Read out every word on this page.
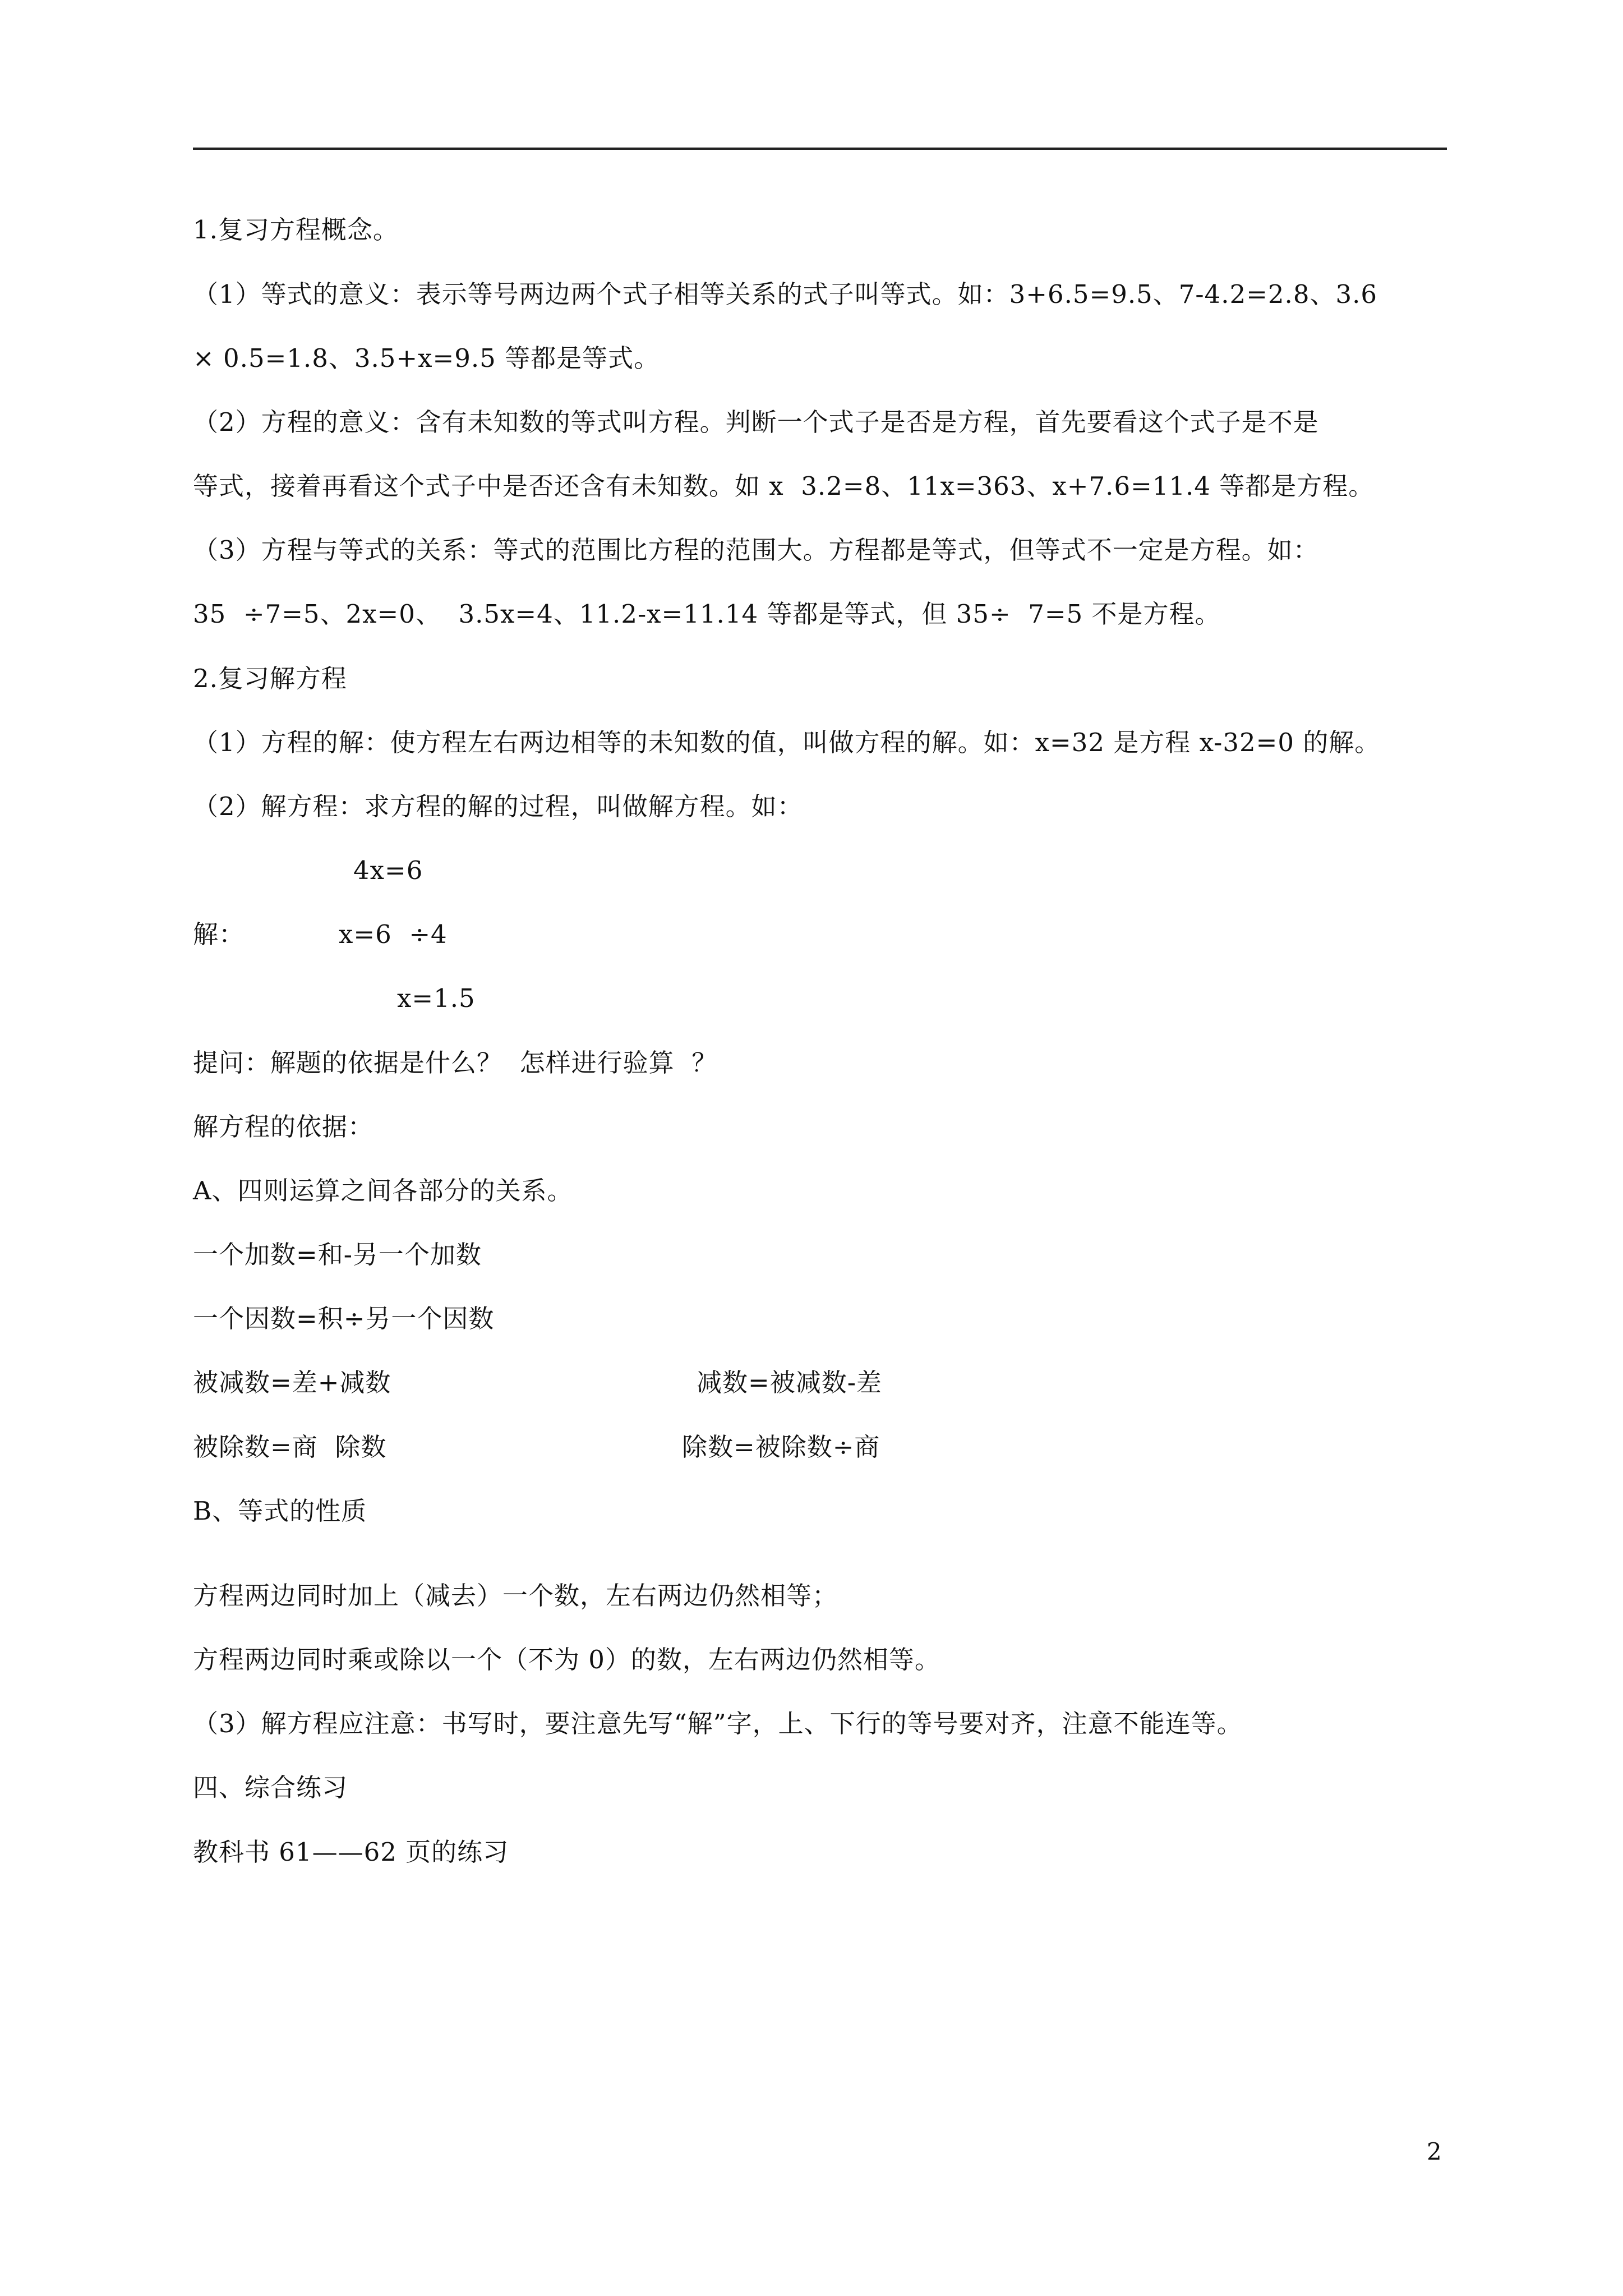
1.复习方程概念。
（1）等式的意义：表示等号两边两个式子相等关系的式子叫等式。如：3+6.5=9.5、7-4.2=2.8、3.6
× 0.5=1.8、3.5+x=9.5 等都是等式。
（2）方程的意义：含有未知数的等式叫方程。判断一个式子是否是方程，首先要看这个式子是不是
等式，接着再看这个式子中是否还含有未知数。如 x  3.2=8、11x=363、x+7.6=11.4 等都是方程。
（3）方程与等式的关系：等式的范围比方程的范围大。方程都是等式，但等式不一定是方程。如：
35  ÷7=5、2x=0、  3.5x=4、11.2-x=11.14 等都是等式，但 35÷  7=5 不是方程。
2.复习解方程
（1）方程的解：使方程左右两边相等的未知数的值，叫做方程的解。如：x=32 是方程 x-32=0 的解。
（2）解方程：求方程的解的过程，叫做解方程。如：
4x=6
解：	x=6  ÷4
x=1.5
提问：解题的依据是什么？  怎样进行验算  ？
解方程的依据：
A、四则运算之间各部分的关系。
一个加数=和-另一个加数
一个因数=积÷另一个因数
被减数=差+减数	减数=被减数-差
被除数=商  除数	除数=被除数÷商
B、等式的性质
方程两边同时加上（减去）一个数，左右两边仍然相等；
方程两边同时乘或除以一个（不为 0）的数，左右两边仍然相等。
（3）解方程应注意：书写时，要注意先写“解”字，上、下行的等号要对齐，注意不能连等。
四、综合练习
教科书 61——62 页的练习
2
